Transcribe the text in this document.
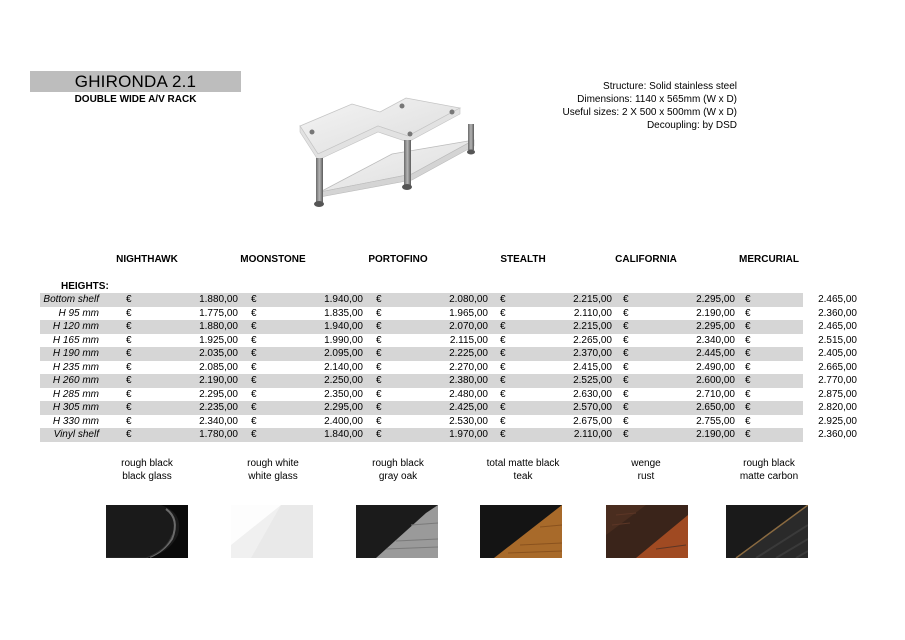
GHIRONDA 2.1
DOUBLE WIDE A/V RACK
Structure: Solid stainless steel
Dimensions: 1140 x 565mm (W x D)
Useful sizes: 2 X 500 x 500mm (W x D)
Decoupling: by DSD
NIGHTHAWK	MOONSTONE	PORTOFINO	STEALTH	CALIFORNIA	MERCURIAL
HEIGHTS:
Bottom shelf	€	1.880,00 €	1.940,00 €	2.080,00 €	2.215,00 €	2.295,00 €	2.465,00
H 95 mm	€	1.775,00 €	1.835,00 €	1.965,00 €	2.110,00 €	2.190,00 €	2.360,00
H 120 mm	€	1.880,00 €	1.940,00 €	2.070,00 €	2.215,00 €	2.295,00 €	2.465,00
H 165 mm	€	1.925,00 €	1.990,00 €	2.115,00 €	2.265,00 €	2.340,00 €	2.515,00
H 190 mm	€	2.035,00 €	2.095,00 €	2.225,00 €	2.370,00 €	2.445,00 €	2.405,00
H 235 mm	€	2.085,00 €	2.140,00 €	2.270,00 €	2.415,00 €	2.490,00 €	2.665,00
H 260 mm	€	2.190,00 €	2.250,00 €	2.380,00 €	2.525,00 €	2.600,00 €	2.770,00
H 285 mm	€	2.295,00 €	2.350,00 €	2.480,00 €	2.630,00 €	2.710,00 €	2.875,00
H 305 mm	€	2.235,00 €	2.295,00 €	2.425,00 €	2.570,00 €	2.650,00 €	2.820,00
H 330 mm	€	2.340,00 €	2.400,00 €	2.530,00 €	2.675,00 €	2.755,00 €	2.925,00
Vinyl shelf	€	1.780,00 €	1.840,00 €	1.970,00 €	2.110,00 €	2.190,00 €	2.360,00
rough black
black glass
rough white
white glass
rough black
gray oak
total matte black
teak
wenge
rust
rough black
matte carbon
